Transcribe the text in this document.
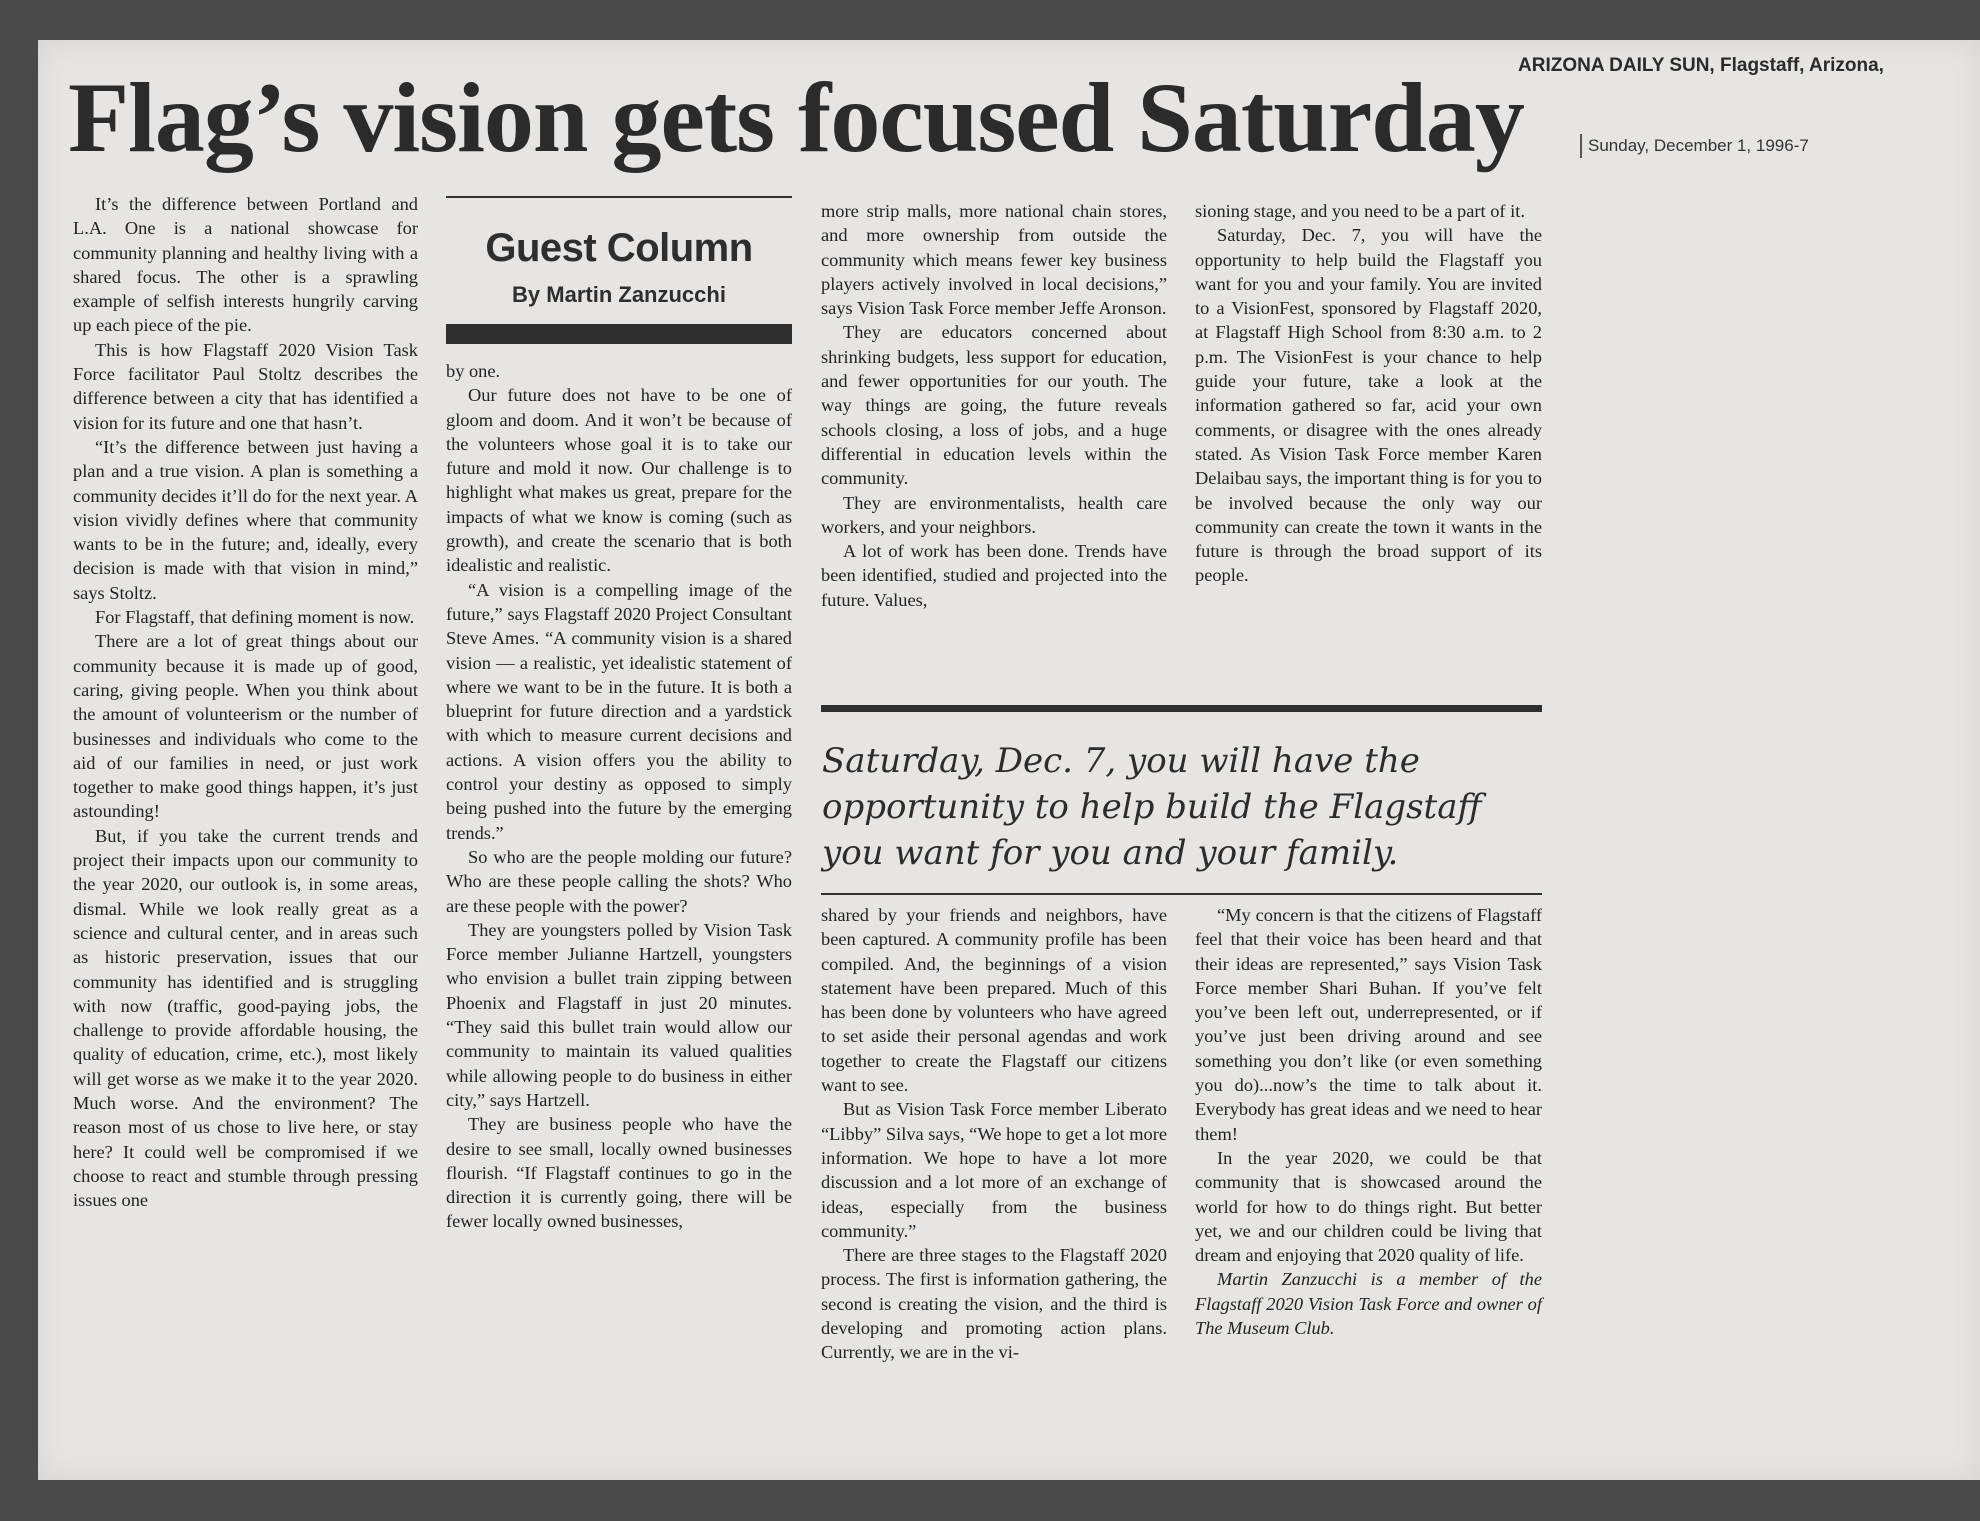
ARIZONA DAILY SUN, Flagstaff, Arizona,
Flag’s vision gets focused Saturday	Sunday, December 1, 1996-7

It’s the difference between Portland and L.A. One is a national showcase for community planning and healthy living with a shared focus. The other is a sprawling example of selfish interests hungrily carving up each piece of the pie.

This is how Flagstaff 2020 Vision Task Force facilitator Paul Stoltz describes the difference between a city that has identified a vision for its future and one that hasn’t.

“It’s the difference between just having a plan and a true vision. A plan is something a community decides it’ll do for the next year. A vision vividly defines where that community wants to be in the future; and, ideally, every decision is made with that vision in mind,” says Stoltz.

For Flagstaff, that defining moment is now.

There are a lot of great things about our community because it is made up of good, caring, giving people. When you think about the amount of volunteerism or the number of businesses and individuals who come to the aid of our families in need, or just work together to make good things happen, it’s just astounding!

But, if you take the current trends and project their impacts upon our community to the year 2020, our outlook is, in some areas, dismal. While we look really great as a science and cultural center, and in areas such as historic preservation, issues that our community has identified and is struggling with now (traffic, good-paying jobs, the challenge to provide affordable housing, the quality of education, crime, etc.), most likely will get worse as we make it to the year 2020. Much worse. And the environment? The reason most of us chose to live here, or stay here? It could well be compromised if we choose to react and stumble through pressing issues one

Guest Column
By Martin Zanzucchi

by one.

Our future does not have to be one of gloom and doom. And it won’t be because of the volunteers whose goal it is to take our future and mold it now. Our challenge is to highlight what makes us great, prepare for the impacts of what we know is coming (such as growth), and create the scenario that is both idealistic and realistic.

“A vision is a compelling image of the future,” says Flagstaff 2020 Project Consultant Steve Ames. “A community vision is a shared vision — a realistic, yet idealistic statement of where we want to be in the future. It is both a blueprint for future direction and a yardstick with which to measure current decisions and actions. A vision offers you the ability to control your destiny as opposed to simply being pushed into the future by the emerging trends.”

So who are the people molding our future? Who are these people calling the shots? Who are these people with the power?

They are youngsters polled by Vision Task Force member Julianne Hartzell, youngsters who envision a bullet train zipping between Phoenix and Flagstaff in just 20 minutes. “They said this bullet train would allow our community to maintain its valued qualities while allowing people to do business in either city,” says Hartzell.

They are business people who have the desire to see small, locally owned businesses flourish. “If Flagstaff continues to go in the direction it is currently going, there will be fewer locally owned businesses,

more strip malls, more national chain stores, and more ownership from outside the community which means fewer key business players actively involved in local decisions,” says Vision Task Force member Jeffe Aronson.

They are educators concerned about shrinking budgets, less support for education, and fewer opportunities for our youth. The way things are going, the future reveals schools closing, a loss of jobs, and a huge differential in education levels within the community.

They are environmentalists, health care workers, and your neighbors.

A lot of work has been done. Trends have been identified, studied and projected into the future. Values,

sioning stage, and you need to be a part of it.

Saturday, Dec. 7, you will have the opportunity to help build the Flagstaff you want for you and your family. You are invited to a VisionFest, sponsored by Flagstaff 2020, at Flagstaff High School from 8:30 a.m. to 2 p.m. The VisionFest is your chance to help guide your future, take a look at the information gathered so far, acid your own comments, or disagree with the ones already stated. As Vision Task Force member Karen Delaibau says, the important thing is for you to be involved because the only way our community can create the town it wants in the future is through the broad support of its people.

Saturday, Dec. 7, you will have the opportunity to help build the Flagstaff you want for you and your family.

shared by your friends and neighbors, have been captured. A community profile has been compiled. And, the beginnings of a vision statement have been prepared. Much of this has been done by volunteers who have agreed to set aside their personal agendas and work together to create the Flagstaff our citizens want to see.

But as Vision Task Force member Liberato “Libby” Silva says, “We hope to get a lot more information. We hope to have a lot more discussion and a lot more of an exchange of ideas, especially from the business community.”

There are three stages to the Flagstaff 2020 process. The first is information gathering, the second is creating the vision, and the third is developing and promoting action plans. Currently, we are in the vi-

“My concern is that the citizens of Flagstaff feel that their voice has been heard and that their ideas are represented,” says Vision Task Force member Shari Buhan. If you’ve felt you’ve been left out, underrepresented, or if you’ve just been driving around and see something you don’t like (or even something you do)...now’s the time to talk about it. Everybody has great ideas and we need to hear them!

In the year 2020, we could be that community that is showcased around the world for how to do things right. But better yet, we and our children could be living that dream and enjoying that 2020 quality of life.

Martin Zanzucchi is a member of the Flagstaff 2020 Vision Task Force and owner of The Museum Club.
